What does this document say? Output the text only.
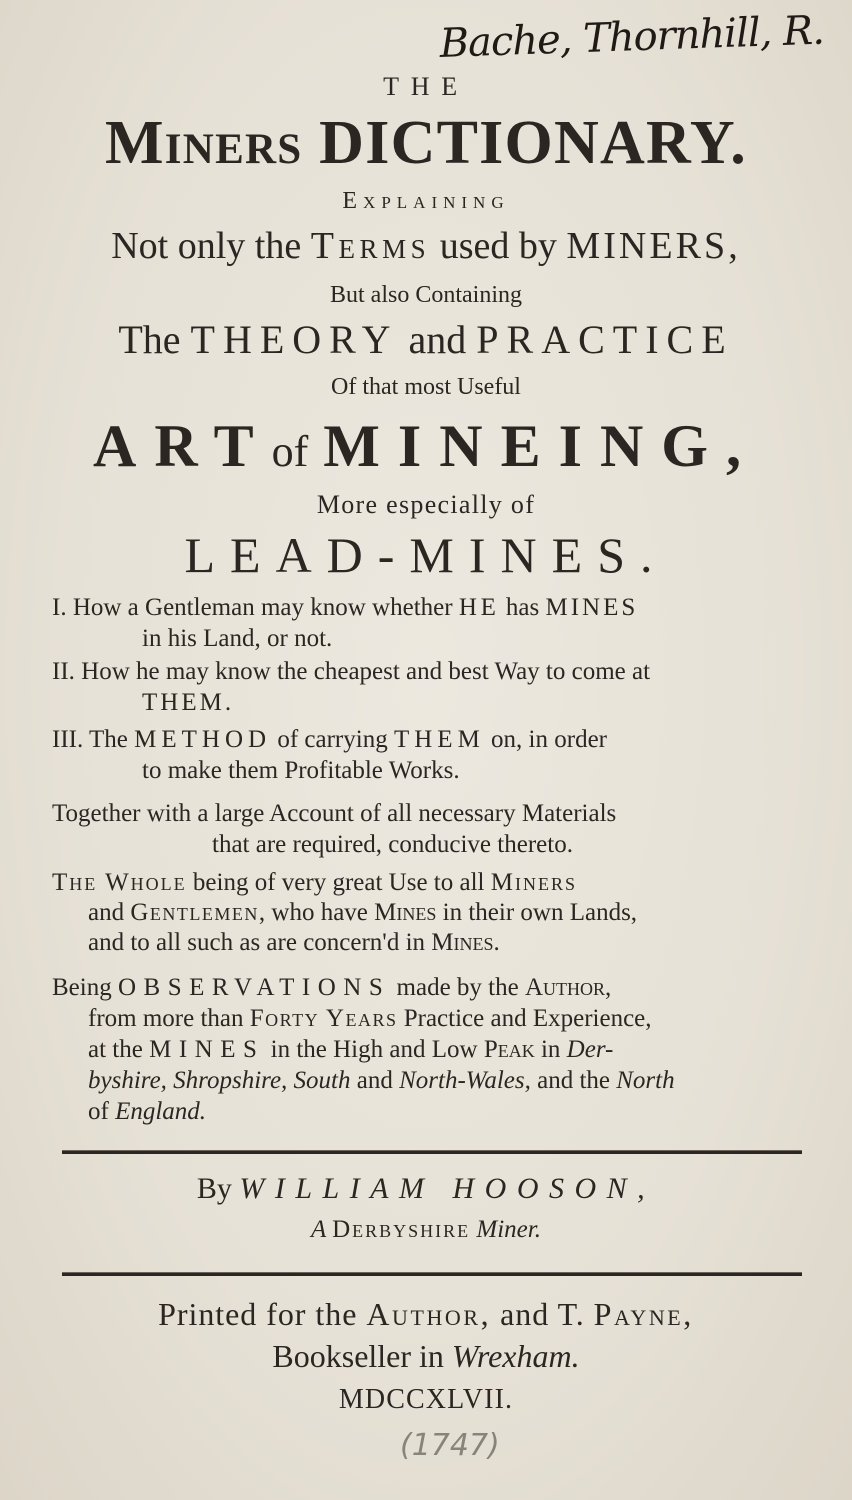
Bache, Thornhill, R.
THE
Miners DICTIONARY.
Explaining
Not only the Terms used by MINERS,
But also Containing
The THEORY and PRACTICE
Of that most Useful
ARTof MINEING,
More especially of
LEAD-MINES.
I. How a Gentleman may know whether HE has MINES
in his Land, or not.
II. How he may know the cheapest and best Way to come at
THEM.
III. The METHOD of carrying THEM on, in order
to make them Profitable Works.
Together with a large Account of all necessary Materials
that are required, conducive thereto.
The Whole being of very great Use to all Miners
and Gentlemen, who have Mines in their own Lands,
and to all such as are concern'd in Mines.
Being OBSERVATIONS made by the Author,
from more than Forty Years Practice and Experience,
at the MINES in the High and Low Peak in Der-
byshire, Shropshire, South and North-Wales, and the North
of England.
By WILLIAM HOOSON,
A Derbyshire Miner.
Printed for the Author, and T. Payne,
Bookseller in Wrexham.
MDCCXLVII.
(1747)
